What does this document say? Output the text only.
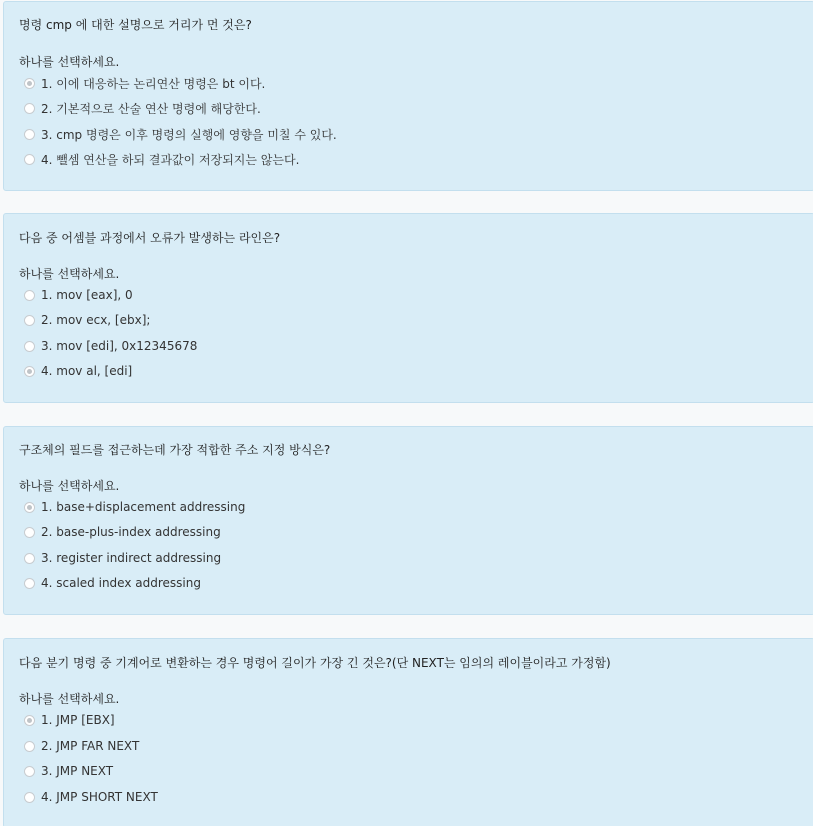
명령 cmp 에 대한 설명으로 거리가 먼 것은?
하나를 선택하세요.
1. 이에 대응하는 논리연산 명령은 bt 이다.
2. 기본적으로 산술 연산 명령에 해당한다.
3. cmp 명령은 이후 명령의 실행에 영향을 미칠 수 있다.
4. 뺄셈 연산을 하되 결과값이 저장되지는 않는다.
다음 중 어셈블 과정에서 오류가 발생하는 라인은?
하나를 선택하세요.
1. mov [eax], 0
2. mov ecx, [ebx];
3. mov [edi], 0x12345678
4. mov al, [edi]
구조체의 필드를 접근하는데 가장 적합한 주소 지정 방식은?
하나를 선택하세요.
1. base+displacement addressing
2. base-plus-index addressing
3. register indirect addressing
4. scaled index addressing
다음 분기 명령 중 기계어로 변환하는 경우 명령어 길이가 가장 긴 것은?(단 NEXT는 임의의 레이블이라고 가정함)
하나를 선택하세요.
1. JMP [EBX]
2. JMP FAR NEXT
3. JMP NEXT
4. JMP SHORT NEXT
